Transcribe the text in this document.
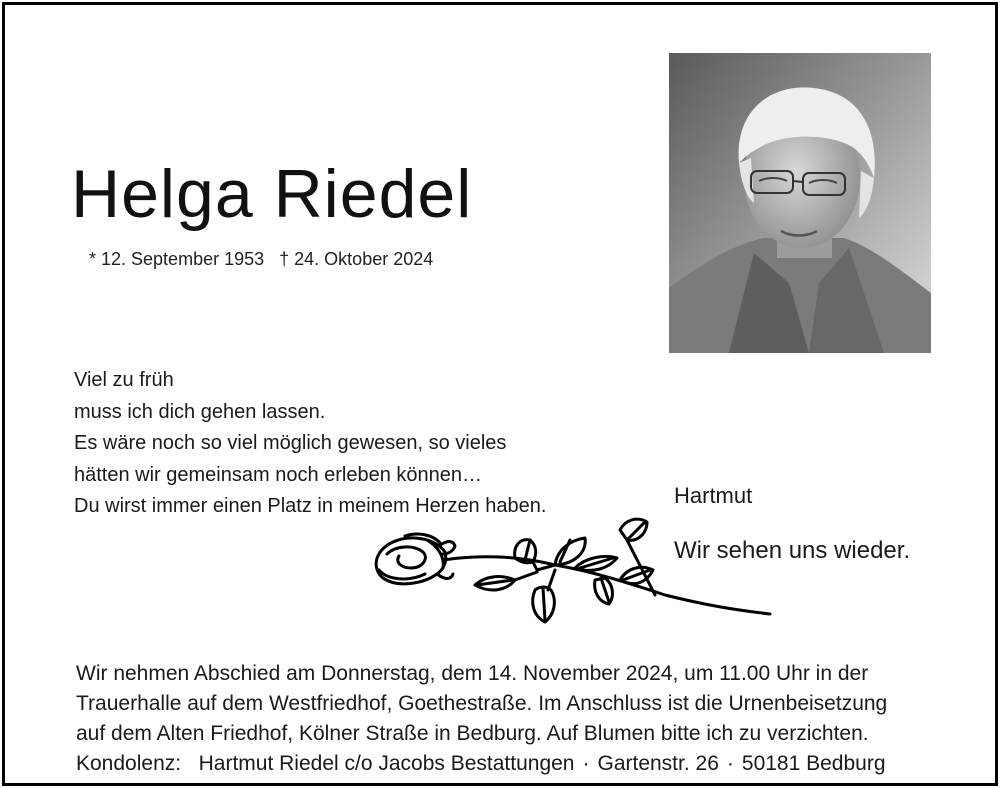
Helga Riedel
* 12. September 1953 † 24. Oktober 2024
Viel zu früh
muss ich dich gehen lassen.
Es wäre noch so viel möglich gewesen, so vieles
hätten wir gemeinsam noch erleben können…
Du wirst immer einen Platz in meinem Herzen haben.	Hartmut
Wir sehen uns wieder.
Wir nehmen Abschied am Donnerstag, dem 14. November 2024, um 11.00 Uhr in der
Trauerhalle auf dem Westfriedhof, Goethestraße. Im Anschluss ist die Urnenbeisetzung
auf dem Alten Friedhof, Kölner Straße in Bedburg. Auf Blumen bitte ich zu verzichten.
Kondolenz: Hartmut Riedel c/o Jacobs Bestattungen · Gartenstr. 26 · 50181 Bedburg
